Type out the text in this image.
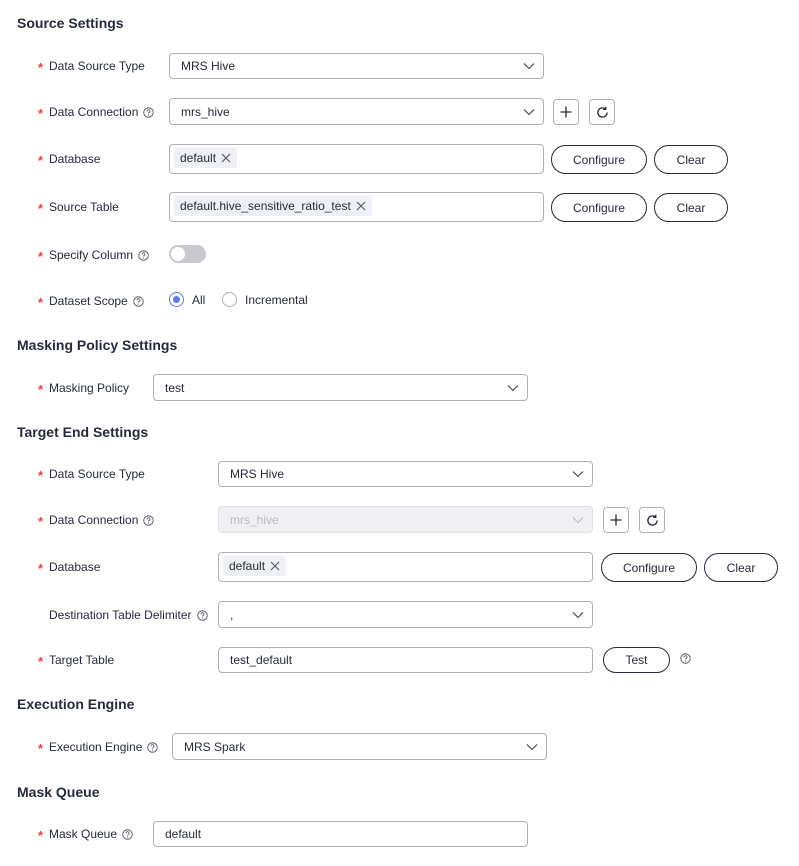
Source Settings
* Data Source Type	MRS Hive
* Data Connection	mrs_hive
* Database	default	Configure	Clear
* Source Table	default.hive_sensitive_ratio_test	Configure	Clear
* Specify Column
* Dataset Scope	All	Incremental
Masking Policy Settings
* Masking Policy	test
Target End Settings
* Data Source Type	MRS Hive
* Data Connection	mrs_hive
* Database	default	Configure	Clear
Destination Table Delimiter	,
* Target Table	test_default	Test
Execution Engine
* Execution Engine	MRS Spark
Mask Queue
* Mask Queue	default
